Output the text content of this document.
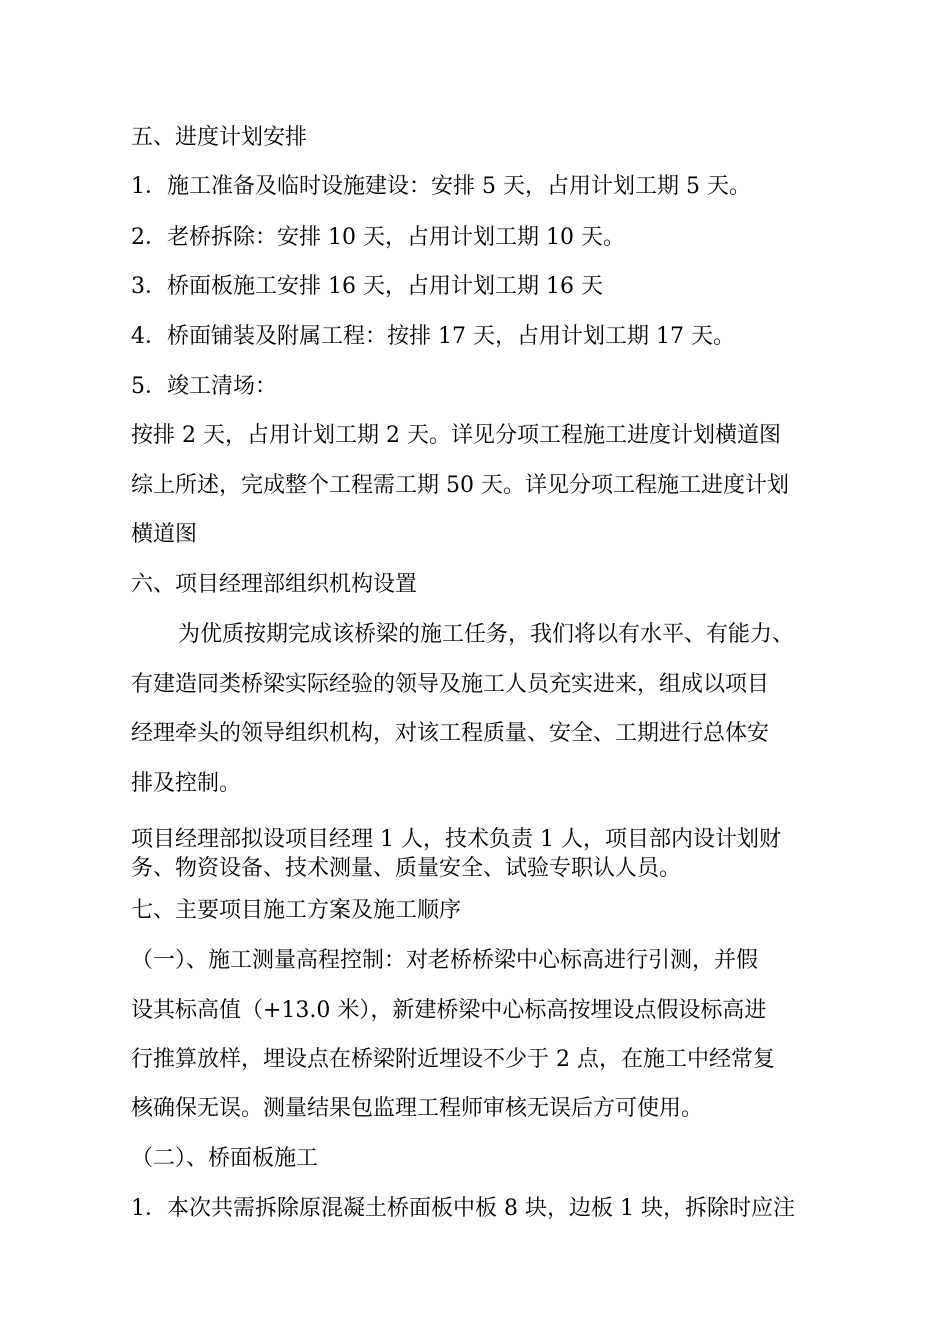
五、进度计划安排

1．施工准备及临时设施建设：安排 5 天，占用计划工期 5 天。

2．老桥拆除：安排 10 天，占用计划工期 10 天。

3．桥面板施工安排 16 天，占用计划工期 16 天

4．桥面铺装及附属工程：按排 17 天，占用计划工期 17 天。

5．竣工清场：

按排 2 天，占用计划工期 2 天。详见分项工程施工进度计划横道图

综上所述，完成整个工程需工期 50 天。详见分项工程施工进度计划

横道图

六、项目经理部组织机构设置

为优质按期完成该桥梁的施工任务，我们将以有水平、有能力、

有建造同类桥梁实际经验的领导及施工人员充实进来，组成以项目

经理牵头的领导组织机构，对该工程质量、安全、工期进行总体安

排及控制。

项目经理部拟设项目经理 1 人，技术负责 1 人，项目部内设计划财

务、物资设备、技术测量、质量安全、试验专职认人员。

七、主要项目施工方案及施工顺序

（一）、施工测量高程控制：对老桥桥梁中心标高进行引测，并假

设其标高值（+13.0 米），新建桥梁中心标高按埋设点假设标高进

行推算放样，埋设点在桥梁附近埋设不少于 2 点，在施工中经常复

核确保无误。测量结果包监理工程师审核无误后方可使用。

（二）、桥面板施工

1．本次共需拆除原混凝土桥面板中板 8 块，边板 1 块，拆除时应注
